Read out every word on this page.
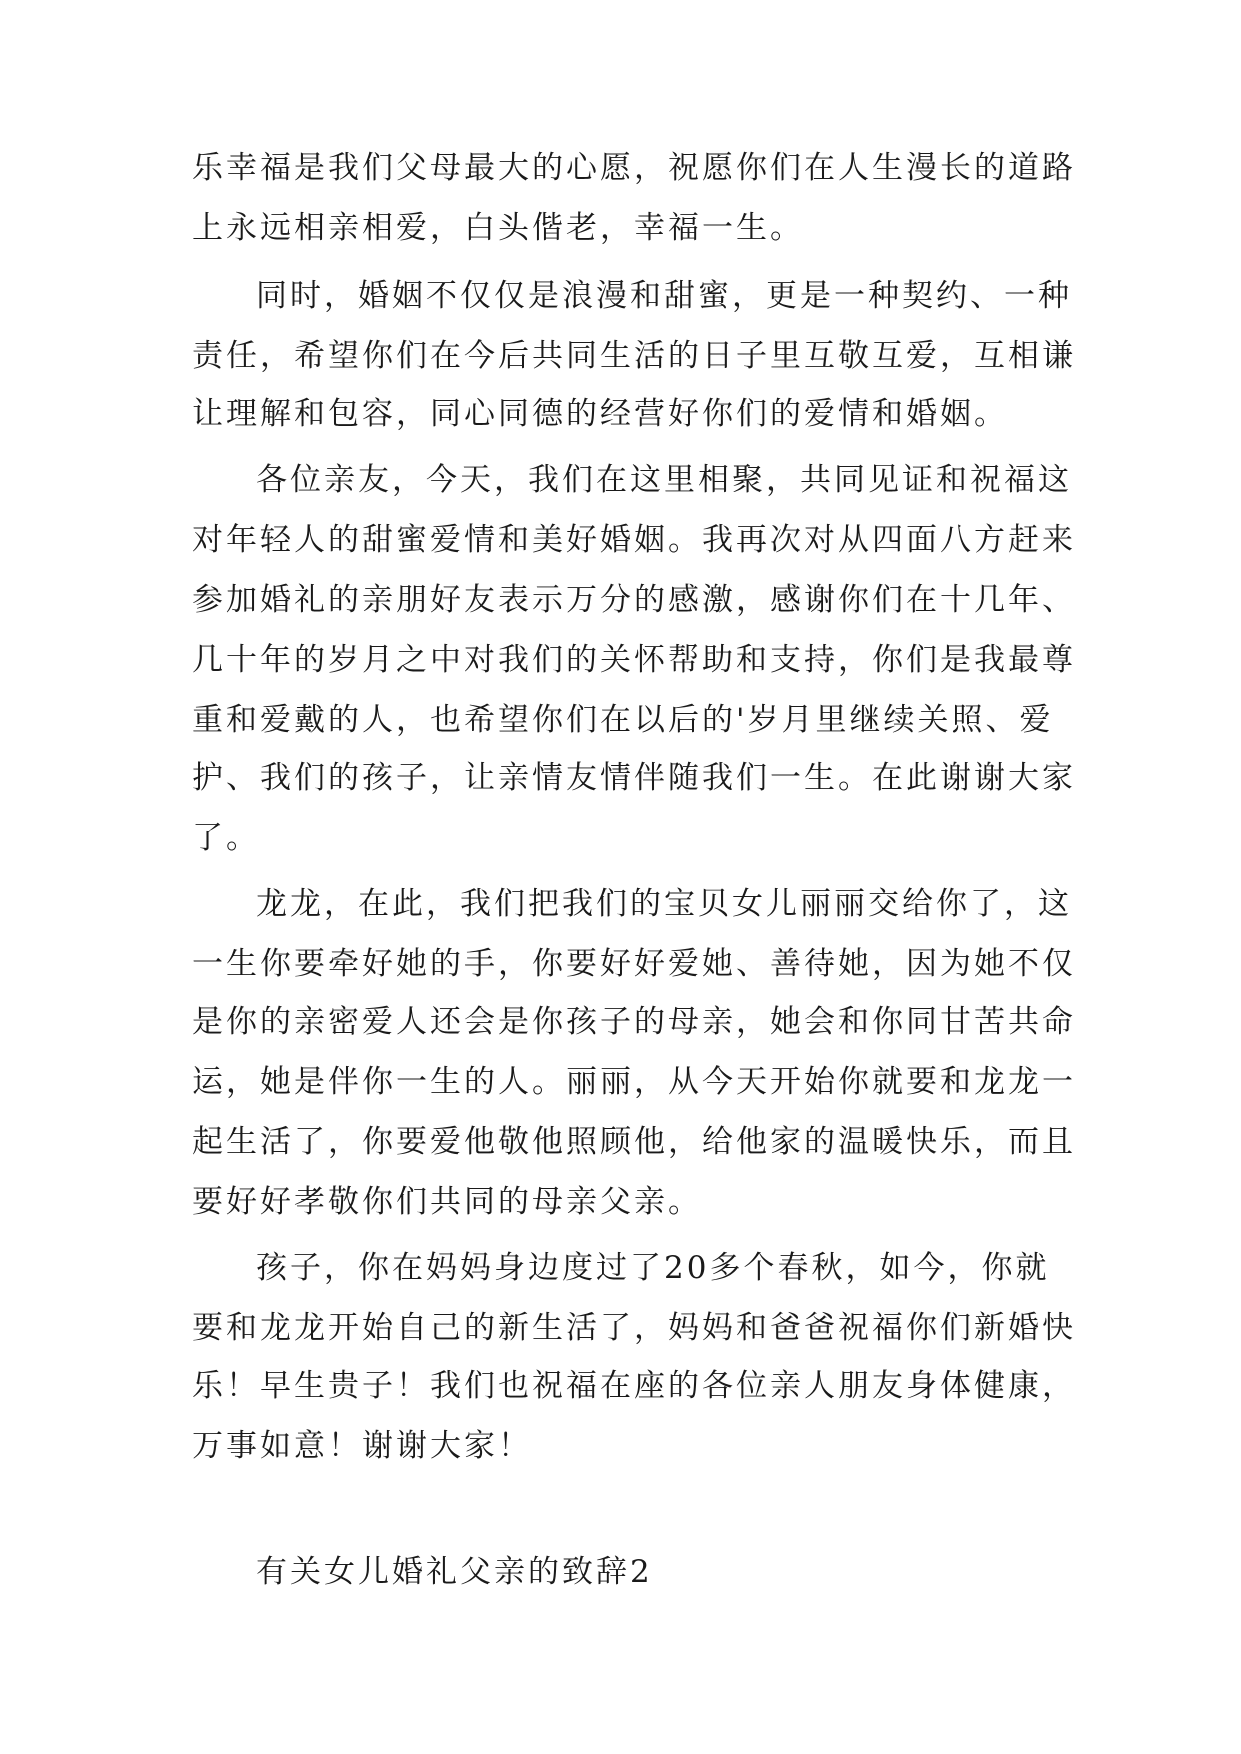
乐幸福是我们父母最大的心愿，祝愿你们在人生漫长的道路
上永远相亲相爱，白头偕老，幸福一生。
同时，婚姻不仅仅是浪漫和甜蜜，更是一种契约、一种
责任，希望你们在今后共同生活的日子里互敬互爱，互相谦
让理解和包容，同心同德的经营好你们的爱情和婚姻。
各位亲友，今天，我们在这里相聚，共同见证和祝福这
对年轻人的甜蜜爱情和美好婚姻。我再次对从四面八方赶来
参加婚礼的亲朋好友表示万分的感激，感谢你们在十几年、
几十年的岁月之中对我们的关怀帮助和支持，你们是我最尊
重和爱戴的人，也希望你们在以后的'岁月里继续关照、爱
护、我们的孩子，让亲情友情伴随我们一生。在此谢谢大家
了。
龙龙，在此，我们把我们的宝贝女儿丽丽交给你了，这
一生你要牵好她的手，你要好好爱她、善待她，因为她不仅
是你的亲密爱人还会是你孩子的母亲，她会和你同甘苦共命
运，她是伴你一生的人。丽丽，从今天开始你就要和龙龙一
起生活了，你要爱他敬他照顾他，给他家的温暖快乐，而且
要好好孝敬你们共同的母亲父亲。
孩子，你在妈妈身边度过了20多个春秋，如今，你就
要和龙龙开始自己的新生活了，妈妈和爸爸祝福你们新婚快
乐！早生贵子！我们也祝福在座的各位亲人朋友身体健康，
万事如意！谢谢大家！
有关女儿婚礼父亲的致辞2
